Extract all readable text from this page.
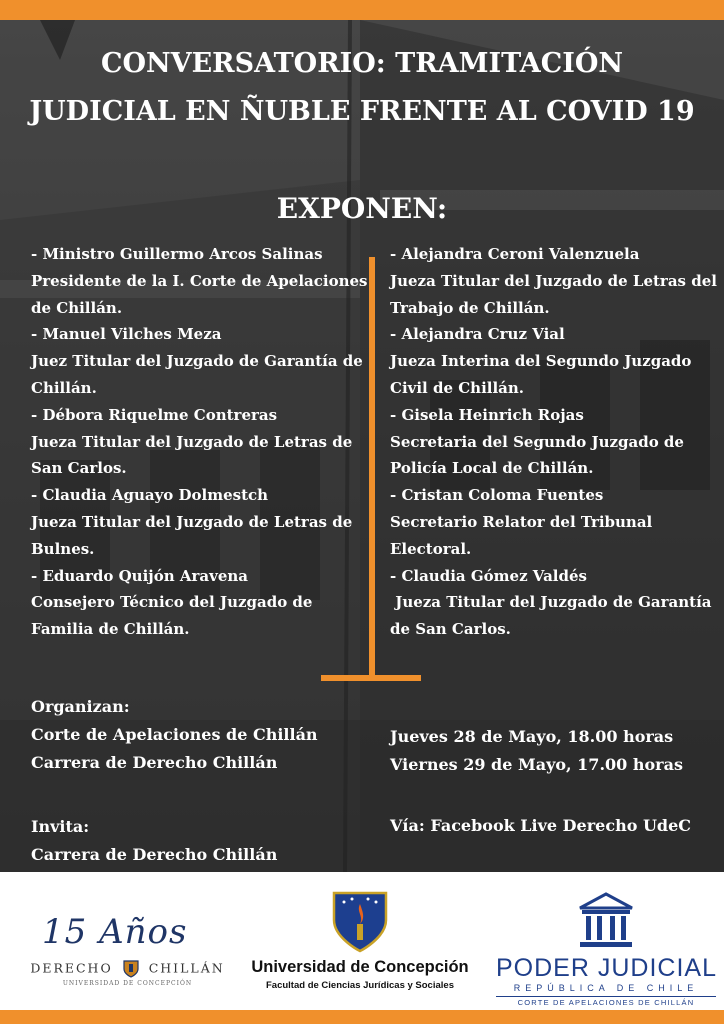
CONVERSATORIO: TRAMITACIÓN
JUDICIAL EN ÑUBLE FRENTE AL COVID 19
EXPONEN:
- Ministro Guillermo Arcos Salinas
Presidente de la I. Corte de Apelaciones
de Chillán.
- Manuel Vilches Meza
Juez Titular del Juzgado de Garantía de
Chillán.
- Débora Riquelme Contreras
Jueza Titular del Juzgado de Letras de
San Carlos.
- Claudia Aguayo Dolmestch
Jueza Titular del Juzgado de Letras de
Bulnes.
- Eduardo Quijón Aravena
Consejero Técnico del Juzgado de
Familia de Chillán.
- Alejandra Ceroni Valenzuela
Jueza Titular del Juzgado de Letras del
Trabajo de Chillán.
- Alejandra Cruz Vial
Jueza Interina del Segundo Juzgado
Civil de Chillán.
- Gisela Heinrich Rojas
Secretaria del Segundo Juzgado de
Policía Local de Chillán.
- Cristan Coloma Fuentes
Secretario Relator del Tribunal
Electoral.
- Claudia Gómez Valdés
Jueza Titular del Juzgado de Garantía
de San Carlos.
Organizan:
Corte de Apelaciones de Chillán
Carrera de Derecho Chillán
Invita:
Carrera de Derecho Chillán
Jueves 28 de Mayo, 18.00 horas
Viernes 29 de Mayo, 17.00 horas
Vía: Facebook Live Derecho UdeC
15 Años
DERECHO	CHILLÁN
UNIVERSIDAD DE CONCEPCIÓN
Universidad de Concepción
Facultad de Ciencias Jurídicas y Sociales
PODER JUDICIAL
REPÚBLICA DE CHILE
CORTE DE APELACIONES DE CHILLÁN
